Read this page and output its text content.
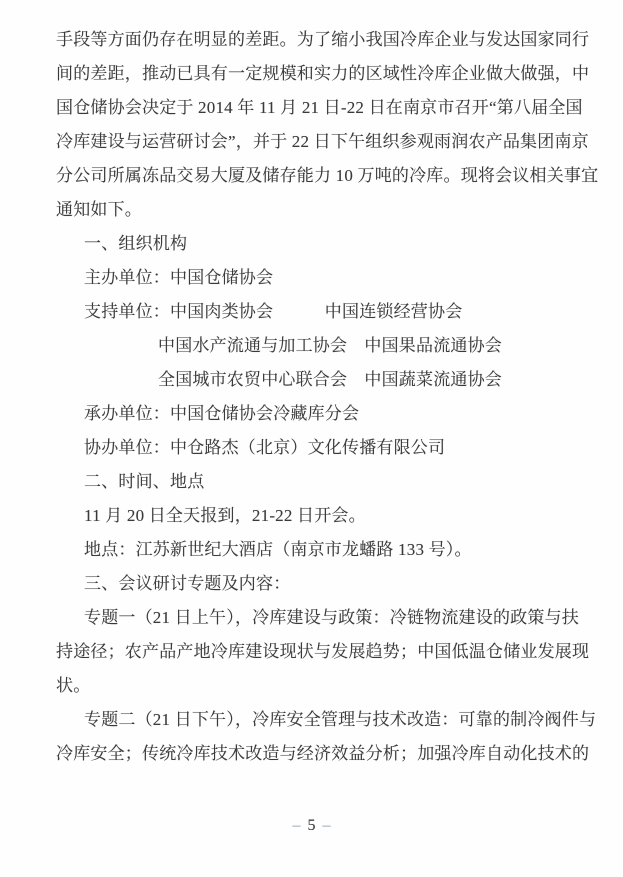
手段等方面仍存在明显的差距。为了缩小我国冷库企业与发达国家同行
间的差距，推动已具有一定规模和实力的区域性冷库企业做大做强，中
国仓储协会决定于 2014 年 11 月 21 日-22 日在南京市召开“第八届全国
冷库建设与运营研讨会”，并于 22 日下午组织参观雨润农产品集团南京
分公司所属冻品交易大厦及储存能力 10 万吨的冷库。现将会议相关事宜
通知如下。
一、组织机构
主办单位：中国仓储协会
支持单位：中国肉类协会　　　中国连锁经营协会
中国水产流通与加工协会　中国果品流通协会
全国城市农贸中心联合会　中国蔬菜流通协会
承办单位：中国仓储协会冷藏库分会
协办单位：中仓路杰（北京）文化传播有限公司
二、时间、地点
11 月 20 日全天报到，21-22 日开会。
地点：江苏新世纪大酒店（南京市龙蟠路 133 号）。
三、会议研讨专题及内容：
专题一（21 日上午），冷库建设与政策：冷链物流建设的政策与扶
持途径；农产品产地冷库建设现状与发展趋势；中国低温仓储业发展现
状。
专题二（21 日下午），冷库安全管理与技术改造：可靠的制冷阀件与
冷库安全；传统冷库技术改造与经济效益分析；加强冷库自动化技术的
– 5 –
